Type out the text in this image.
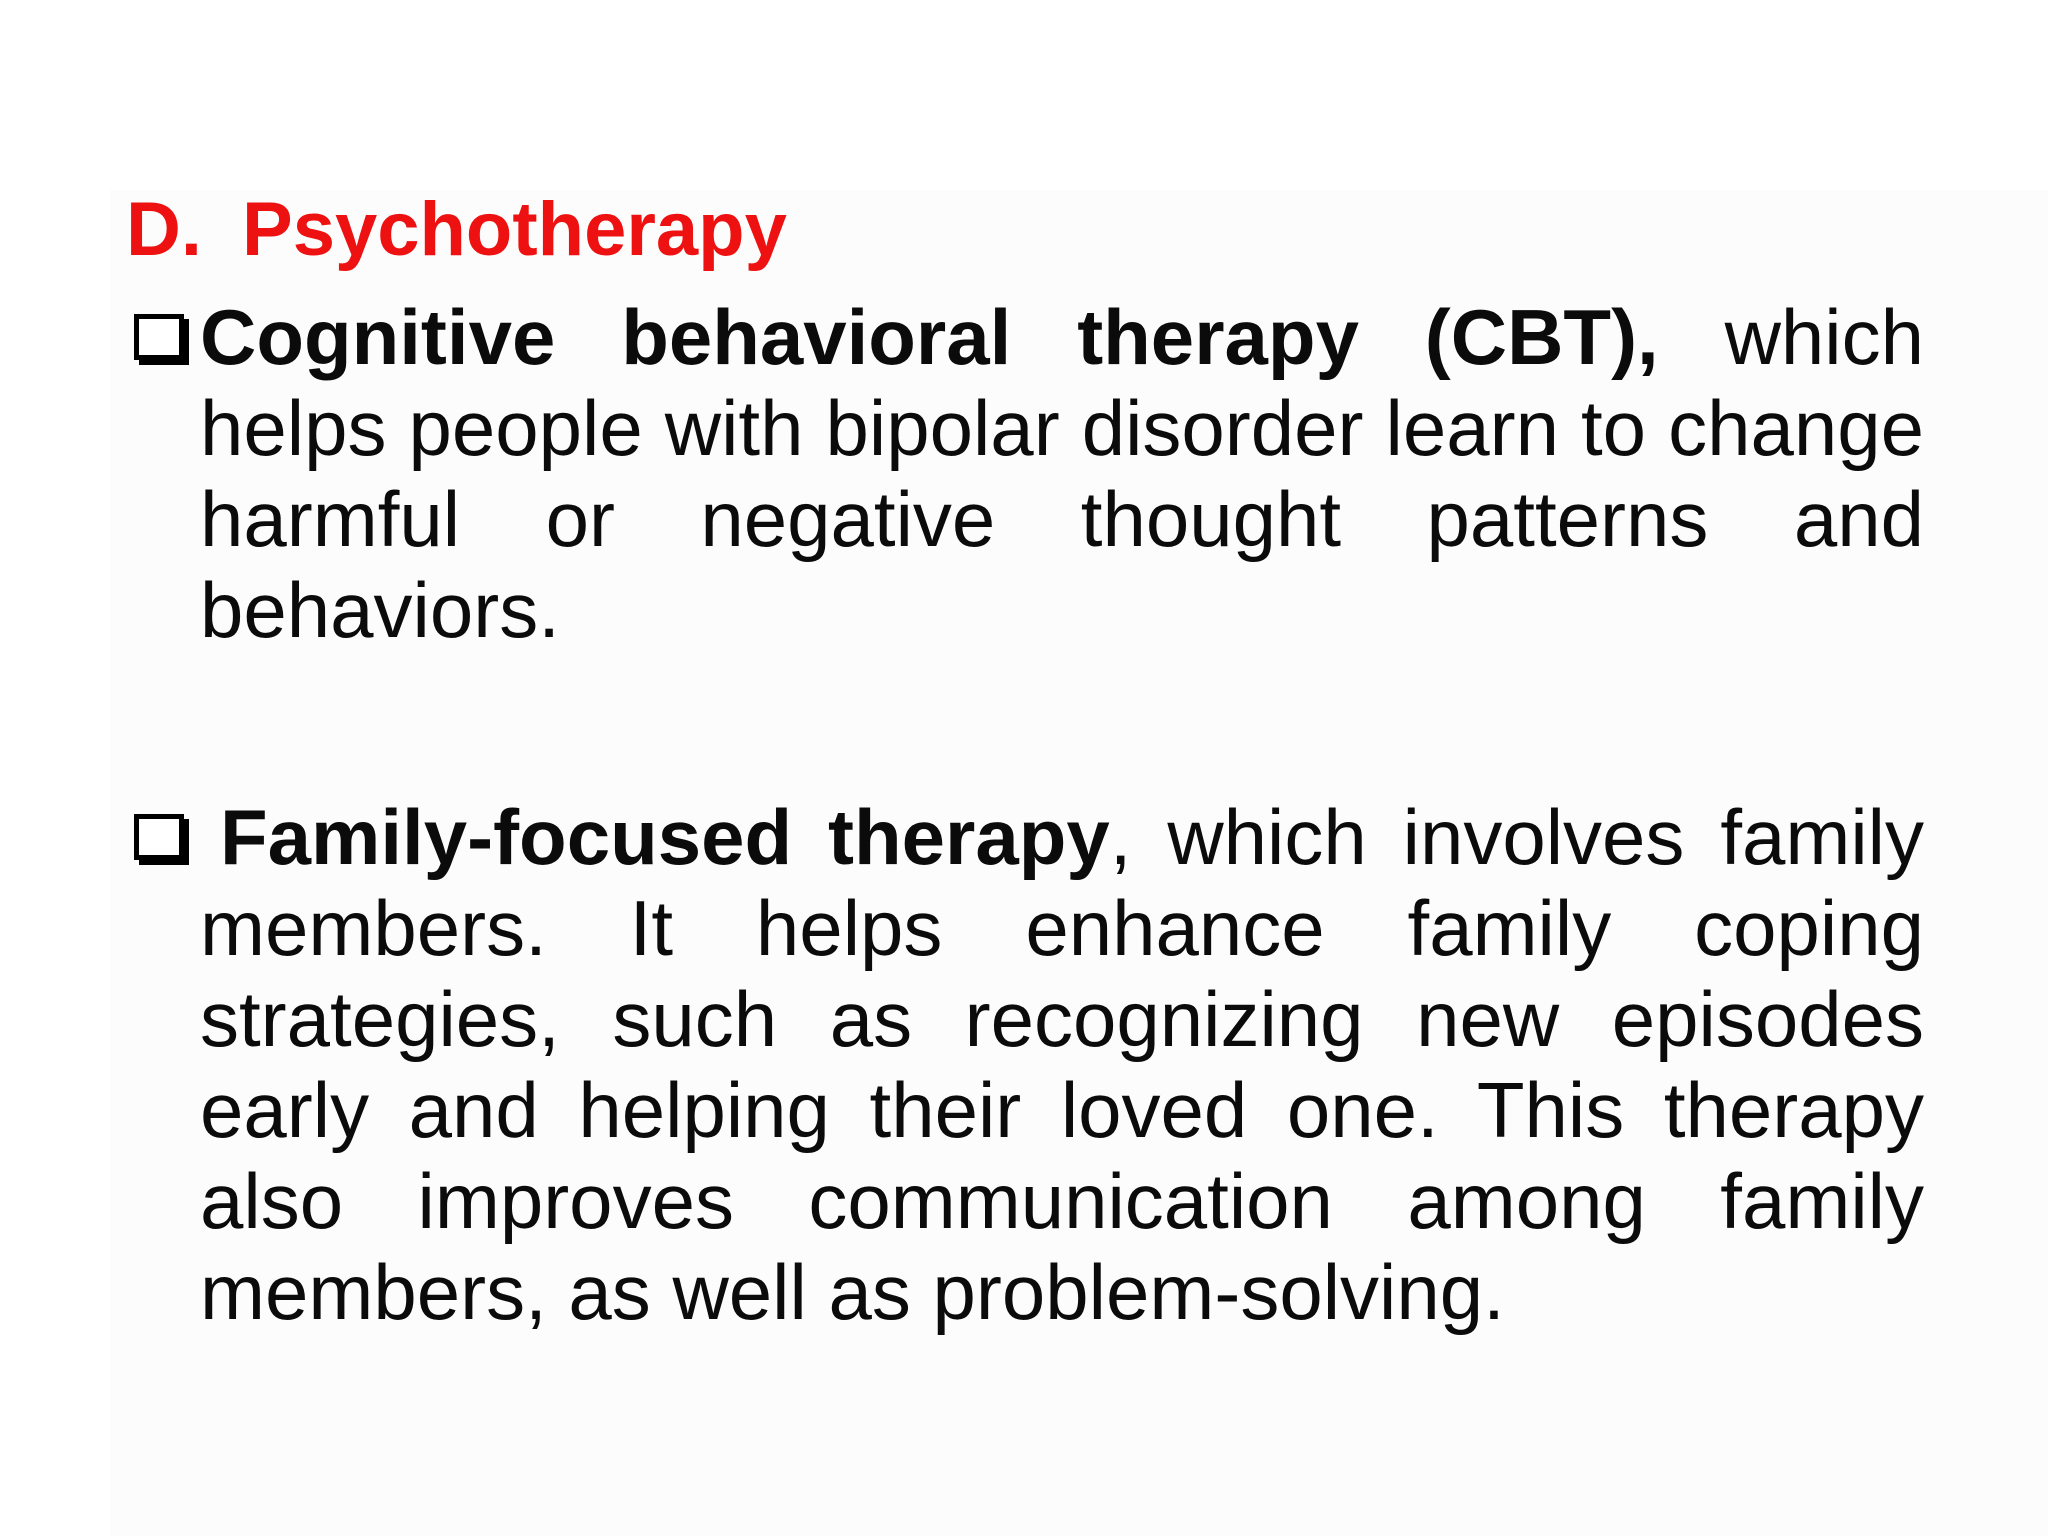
D. Psychotherapy
Cognitive behavioral therapy (CBT), which helps people with bipolar disorder learn to change harmful or negative thought patterns and behaviors.
Family-focused therapy, which involves family members. It helps enhance family coping strategies, such as recognizing new episodes early and helping their loved one. This therapy also improves communication among family members, as well as problem-solving.
